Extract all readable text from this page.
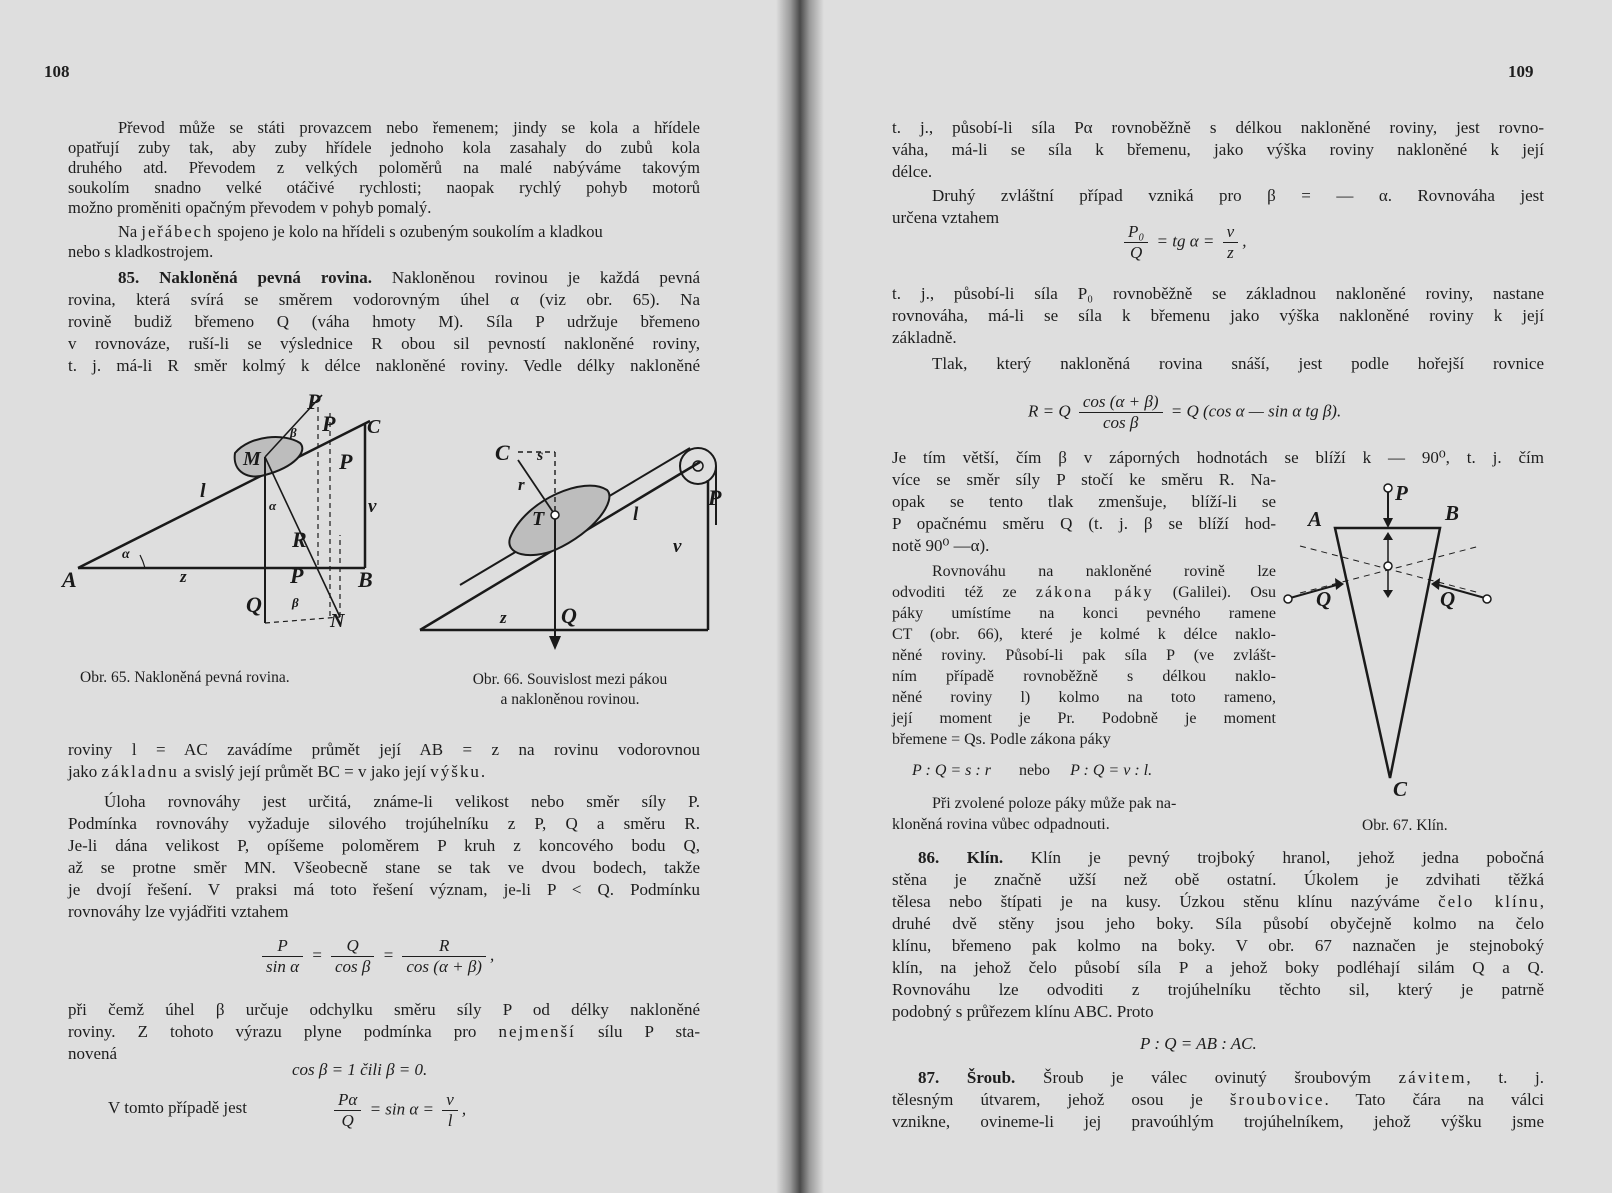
108
Převod může se státi provazcem nebo řemenem; jindy se kola a hřídele
opatřují zuby tak, aby zuby hřídele jednoho kola zasahaly do zubů kola
druhého atd. Převodem z velkých poloměrů na malé nabýváme takovým
soukolím snadno velké otáčivé rychlosti; naopak rychlý pohyb motorů
možno proměniti opačným převodem v pohyb pomalý.
Na jeřábech spojeno je kolo na hřídeli s ozubeným soukolím a kladkou
nebo s kladkostrojem.
85. Nakloněná pevná rovina. Nakloněnou rovinou je každá pevná
rovina, která svírá se směrem vodorovným úhel α (viz obr. 65). Na
rovině budiž břemeno Q (váha hmoty M). Síla P udržuje břemeno
v rovnováze, ruší-li se výslednice R obou sil pevností nakloněné roviny,
t. j. má-li R směr kolmý k délce nakloněné roviny. Vedle délky nakloněné
P
P C
M
β
P
l
v
α
R
α
A	z	P B
Q β
N
Obr. 65. Nakloněná pevná rovina.
C s
r
T	l
P
v
z Q
Obr. 66. Souvislost mezi pákou
a nakloněnou rovinou.
roviny l = AC zavádíme průmět její AB = z na rovinu vodorovnou
jako základnu a svislý její průmět BC = v jako její výšku.
Úloha rovnováhy jest určitá, známe-li velikost nebo směr síly P.
Podmínka rovnováhy vyžaduje silového trojúhelníku z P, Q a směru R.
Je-li dána velikost P, opíšeme poloměrem P kruh z koncového bodu Q,
až se protne směr MN. Všeobecně stane se tak ve dvou bodech, takže
je dvojí řešení. V praksi má toto řešení význam, je-li P < Q. Podmínku
rovnováhy lze vyjádřiti vztahem
$\frac{P}{\text{sin α}} = \frac{Q}{\text{cos β}} = \frac{R}{\cos (\alpha + \beta)}$ ,
při čemž úhel β určuje odchylku směru síly P od délky nakloněné
roviny. Z tohoto výrazu plyne podmínka pro nejmenší sílu P sta-
novená
cos β = 1 čili β = 0.
V tomto případě jest	$\frac{P\alpha}{Q} = \sin \alpha = \frac{v}{l}$ ,
109
t. j., působí-li síla Pα rovnoběžně s délkou nakloněné roviny, jest rovno-
váha, má-li se síla k břemenu, jako výška roviny nakloněné k její
délce.
Druhý zvláštní případ vzniká pro β = — α. Rovnováha jest
určena vztahem
$\frac{\text{P₀}}{Q}$ = tg $\alpha = \frac{v}{z}$ ,
t. j., působí-li síla P₀ rovnoběžně se základnou nakloněné roviny, nastane
rovnováha, má-li se síla k břemenu jako výška nakloněné roviny k její
základně.
Tlak, který nakloněná rovina snáší, jest podle hořejší rovnice
R = Q $\frac{\cos (\alpha + \beta)}{\text{cos β}} = Q$ (cos α — sin α tg β).
Je tím větší, čím β v záporných hodnotách se blíží k — 90⁰, t. j. čím
více se směr síly P stočí ke směru R. Na-
opak se tento tlak zmenšuje, blíží-li se
P opačnému směru Q (t. j. β se blíží hod-
notě 90⁰ —α).
Rovnováhu na nakloněné rovině lze
odvoditi též ze zákona páky (Galilei). Osu
páky umístíme na konci pevného ramene
CT (obr. 66), které je kolmé k délce naklo-
něné roviny. Působí-li pak síla P (ve zvlášt-
ním případě rovnoběžně s délkou naklo-
něné roviny l) kolmo na toto rameno,
její moment je Pr. Podobně je moment
břemene = Qs. Podle zákona páky
P : Q = s : r nebo P : Q = v : l.
Při zvolené poloze páky může pak na-
kloněná rovina vůbec odpadnouti.
P
A	B
Q	Q
C
Obr. 67. Klín.
86. Klín. Klín je pevný trojboký hranol, jehož jedna pobočná
stěna je značně užší než obě ostatní. Úkolem je zdvihati těžká
tělesa nebo štípati je na kusy. Úzkou stěnu klínu nazýváme čelo klínu,
druhé dvě stěny jsou jeho boky. Síla působí obyčejně kolmo na čelo
klínu, břemeno pak kolmo na boky. V obr. 67 naznačen je stejnoboký
klín, na jehož čelo působí síla P a jehož boky podléhají silám Q a Q.
Rovnováhu lze odvoditi z trojúhelníku těchto sil, který je patrně
podobný s průřezem klínu ABC. Proto
P : Q = AB : AC.
87. Šroub. Šroub je válec ovinutý šroubovým závitem, t. j.
tělesným útvarem, jehož osou je šroubovice. Tato čára na válci
vznikne, ovineme-li jej pravoúhlým trojúhelníkem, jehož výšku jsme
